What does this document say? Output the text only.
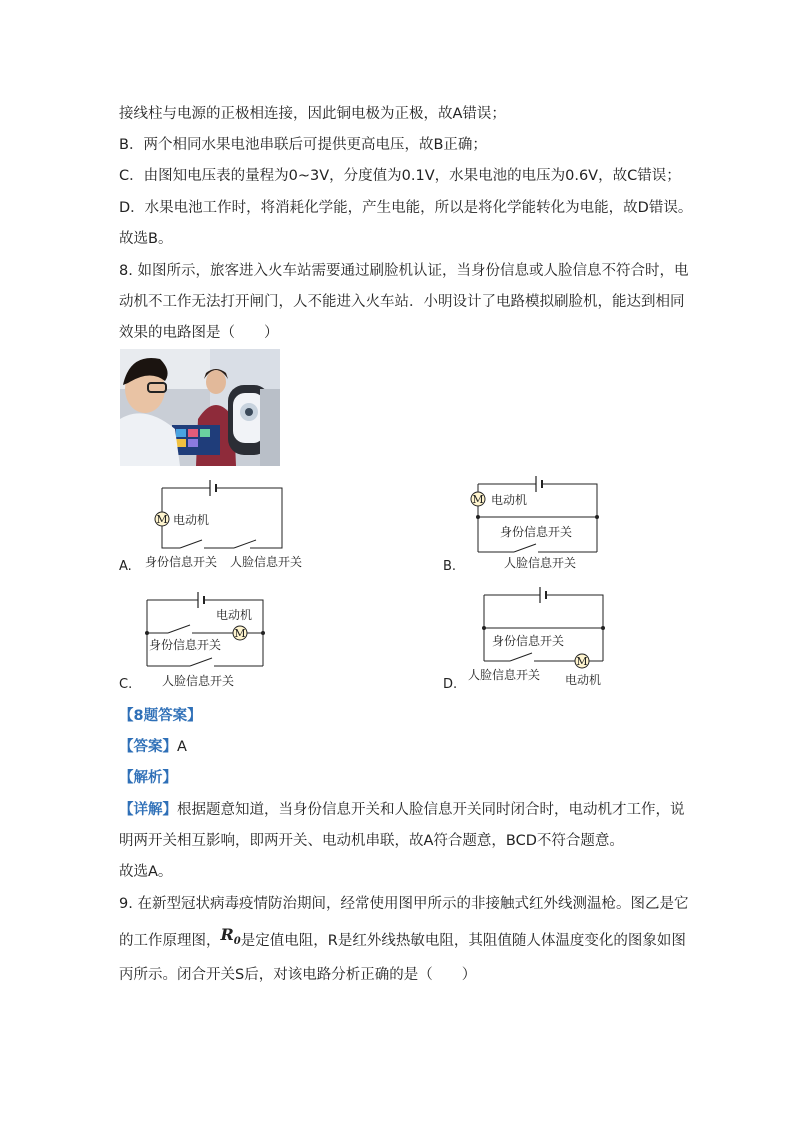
接线柱与电源的正极相连接，因此铜电极为正极，故A错误；
B．两个相同水果电池串联后可提供更高电压，故B正确；
C．由图知电压表的量程为0~3V，分度值为0.1V，水果电池的电压为0.6V，故C错误；
D．水果电池工作时，将消耗化学能，产生电能，所以是将化学能转化为电能，故D错误。
故选B。
8. 如图所示，旅客进入火车站需要通过刷脸机认证，当身份信息或人脸信息不符合时，电
动机不工作无法打开闸门，人不能进入火车站．小明设计了电路模拟刷脸机，能达到相同
效果的电路图是（　　）
M 电动机
身份信息开关 人脸信息开关
A.
M 电动机
身份信息开关
人脸信息开关
B.
M
电动机
身份信息开关
人脸信息开关
C.
M
电动机
身份信息开关
人脸信息开关
D.
【8题答案】
【答案】A
【解析】
【详解】根据题意知道，当身份信息开关和人脸信息开关同时闭合时，电动机才工作，说
明两开关相互影响，即两开关、电动机串联，故A符合题意，BCD不符合题意。
故选A。
9. 在新型冠状病毒疫情防治期间，经常使用图甲所示的非接触式红外线测温枪。图乙是它
的工作原理图，$R_0$是定值电阻，R是红外线热敏电阻，其阻值随人体温度变化的图象如图
丙所示。闭合开关S后，对该电路分析正确的是（　　）
